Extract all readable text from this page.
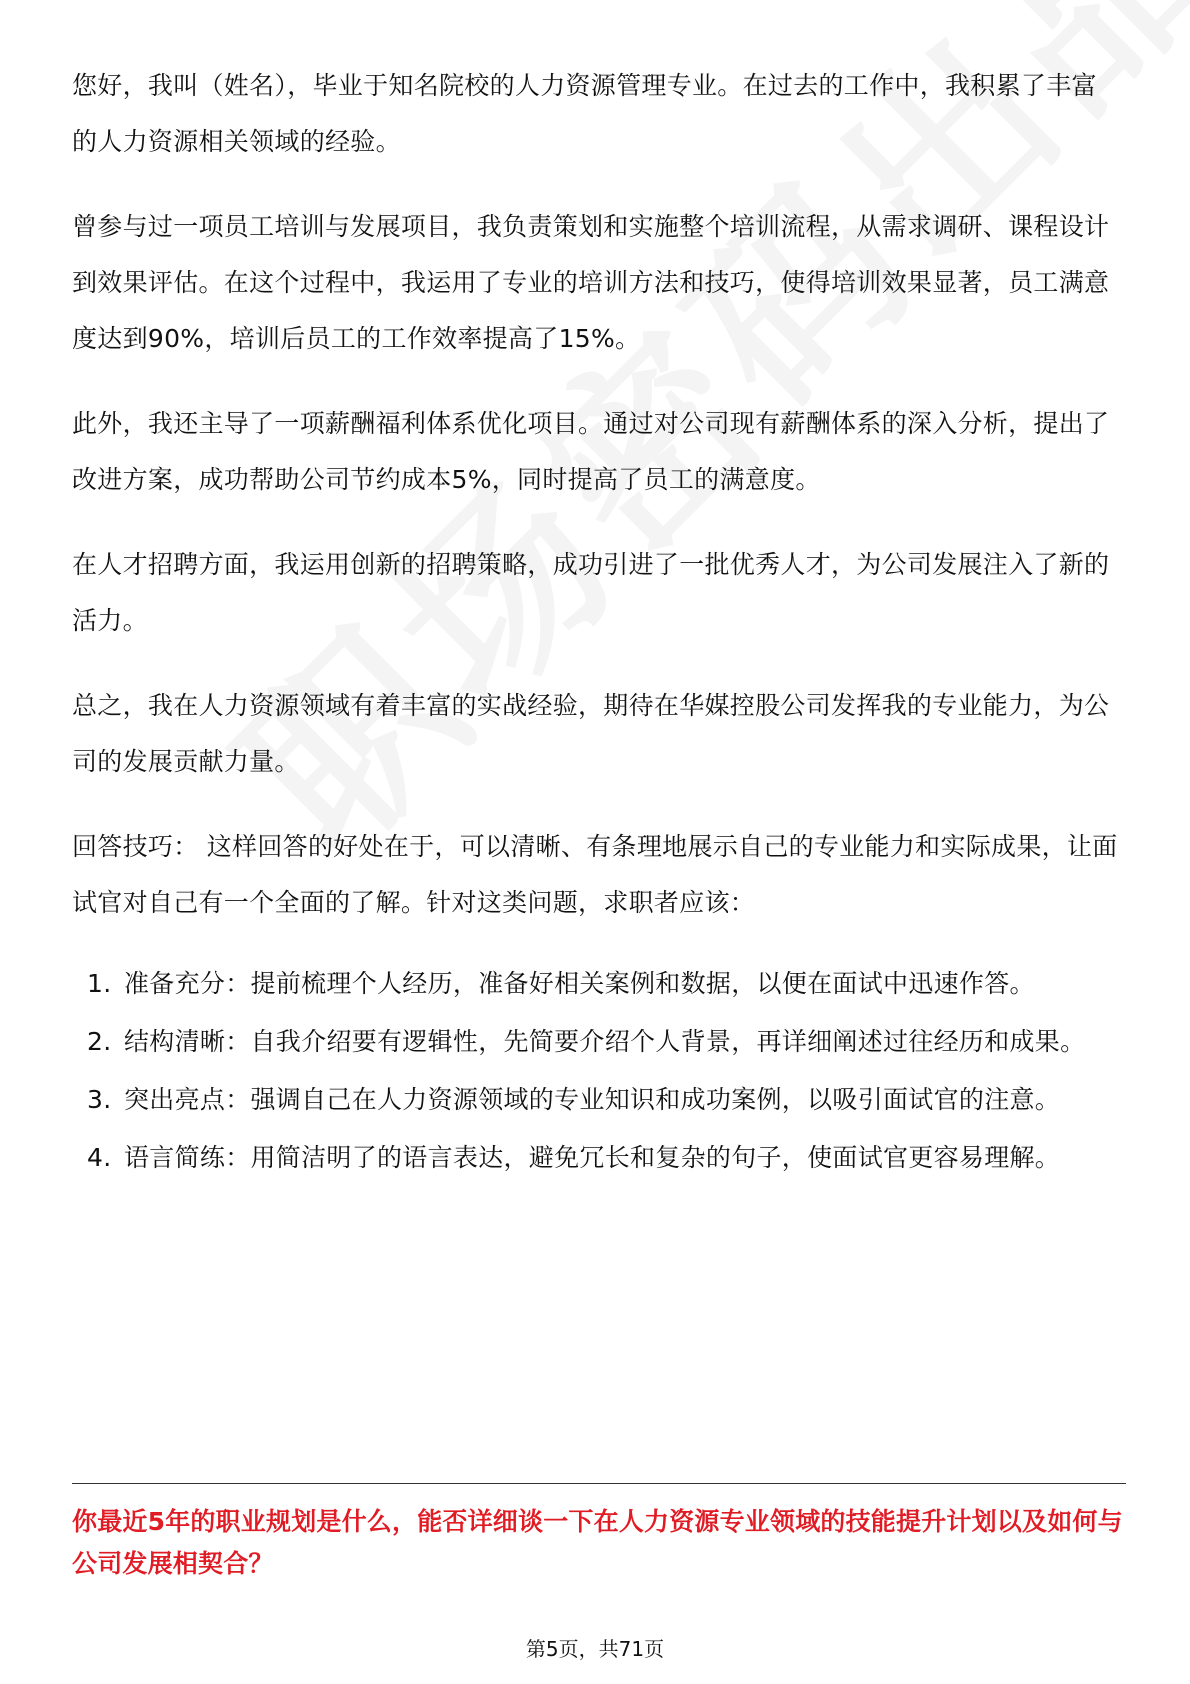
您好，我叫（姓名），毕业于知名院校的人力资源管理专业。在过去的工作中，我积累了丰富的人力资源相关领域的经验。

曾参与过一项员工培训与发展项目，我负责策划和实施整个培训流程，从需求调研、课程设计到效果评估。在这个过程中，我运用了专业的培训方法和技巧，使得培训效果显著，员工满意度达到90%，培训后员工的工作效率提高了15%。

此外，我还主导了一项薪酬福利体系优化项目。通过对公司现有薪酬体系的深入分析，提出了改进方案，成功帮助公司节约成本5%，同时提高了员工的满意度。

在人才招聘方面，我运用创新的招聘策略，成功引进了一批优秀人才，为公司发展注入了新的活力。

总之，我在人力资源领域有着丰富的实战经验，期待在华媒控股公司发挥我的专业能力，为公司的发展贡献力量。

回答技巧： 这样回答的好处在于，可以清晰、有条理地展示自己的专业能力和实际成果，让面试官对自己有一个全面的了解。针对这类问题，求职者应该：

1. 准备充分：提前梳理个人经历，准备好相关案例和数据，以便在面试中迅速作答。
2. 结构清晰：自我介绍要有逻辑性，先简要介绍个人背景，再详细阐述过往经历和成果。
3. 突出亮点：强调自己在人力资源领域的专业知识和成功案例，以吸引面试官的注意。
4. 语言简练：用简洁明了的语言表达，避免冗长和复杂的句子，使面试官更容易理解。
你最近5年的职业规划是什么，能否详细谈一下在人力资源专业领域的技能提升计划以及如何与公司发展相契合？
第5页，共71页
